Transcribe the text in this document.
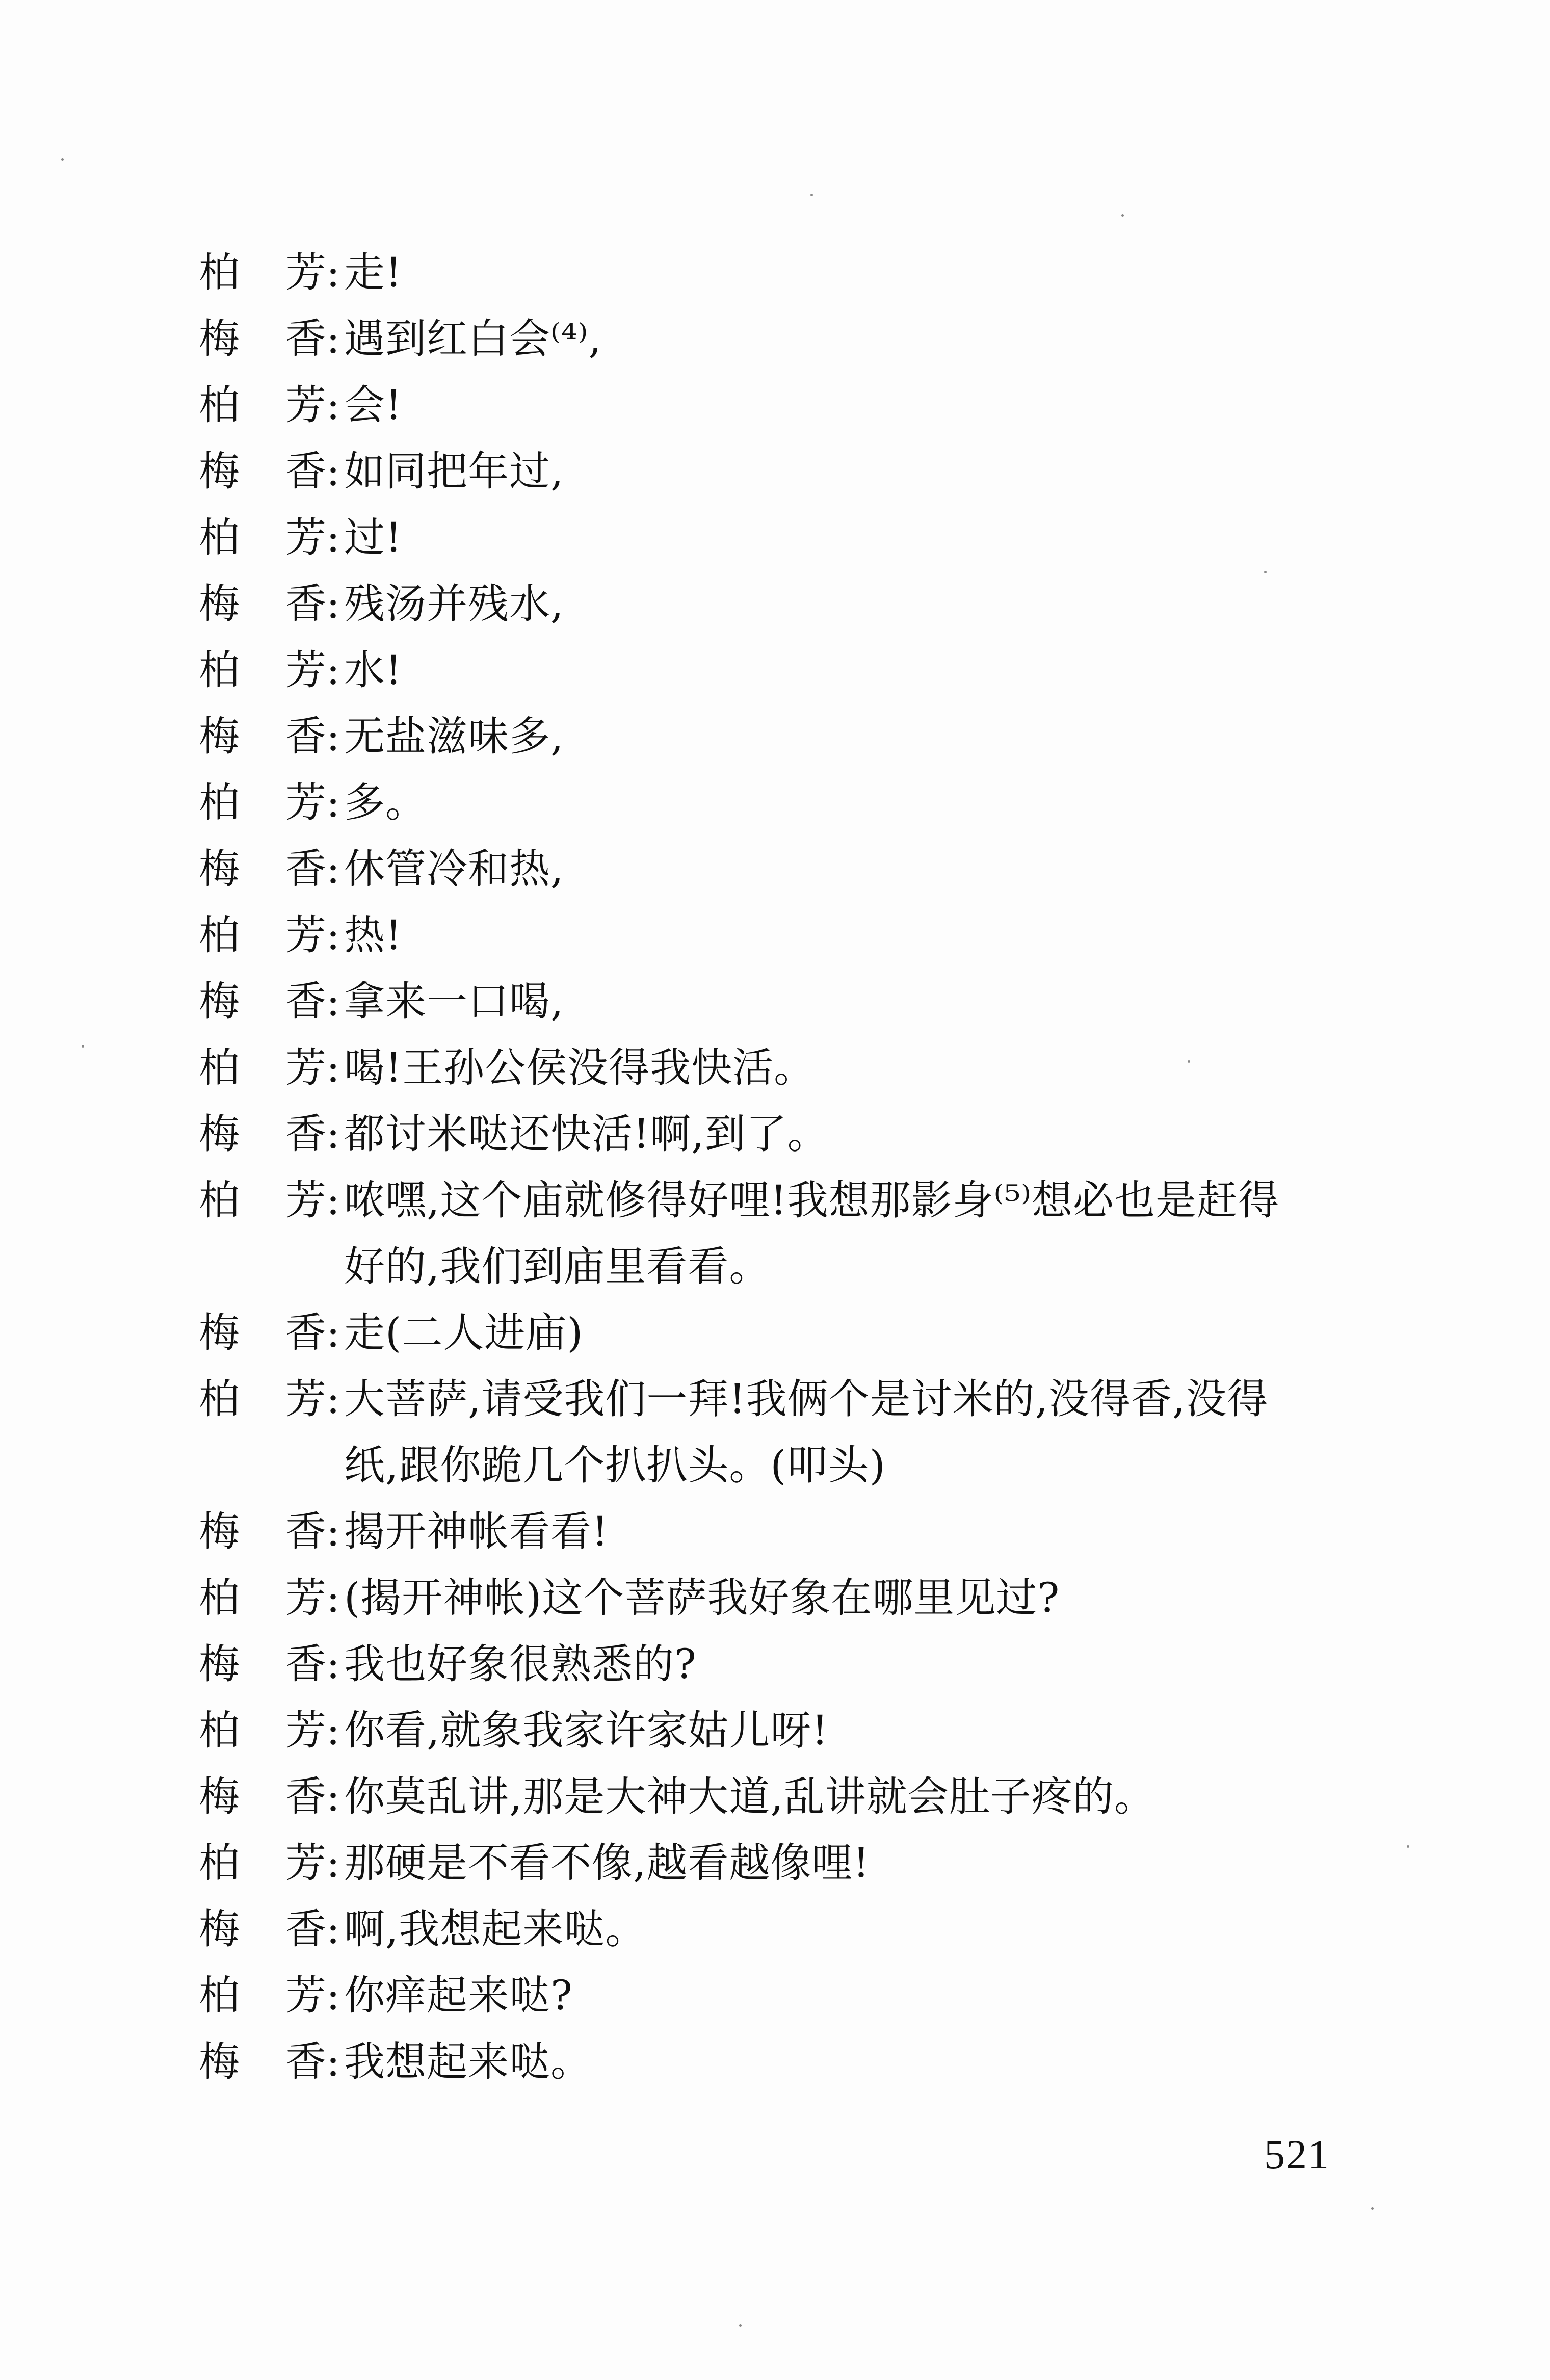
柏 芳 : 走!
梅 香 : 遇到红白会⁽⁴⁾,
柏 芳 : 会!
梅 香 : 如同把年过,
柏 芳 : 过!
梅 香 : 残汤并残水,
柏 芳 : 水!
梅 香 : 无盐滋味多,
柏 芳 : 多。
梅 香 : 休管冷和热,
柏 芳 : 热!
梅 香 : 拿来一口喝,
柏 芳 : 喝!王孙公侯没得我快活。
梅 香 : 都讨米哒还快活!啊,到了。
柏 芳 : 哝嘿,这个庙就修得好哩!我想那影身⁽⁵⁾想必也是赶得
好的,我们到庙里看看。
梅 香 : 走(二人进庙)
柏 芳 : 大菩萨,请受我们一拜!我俩个是讨米的,没得香,没得
纸,跟你跪几个扒扒头。(叩头)
梅 香 : 揭开神帐看看!
柏 芳 : (揭开神帐)这个菩萨我好象在哪里见过?
梅 香 : 我也好象很熟悉的?
柏 芳 : 你看,就象我家许家姑儿呀!
梅 香 : 你莫乱讲,那是大神大道,乱讲就会肚子疼的。
柏 芳 : 那硬是不看不像,越看越像哩!
梅 香 : 啊,我想起来哒。
柏 芳 : 你痒起来哒?
梅 香 : 我想起来哒。
521
